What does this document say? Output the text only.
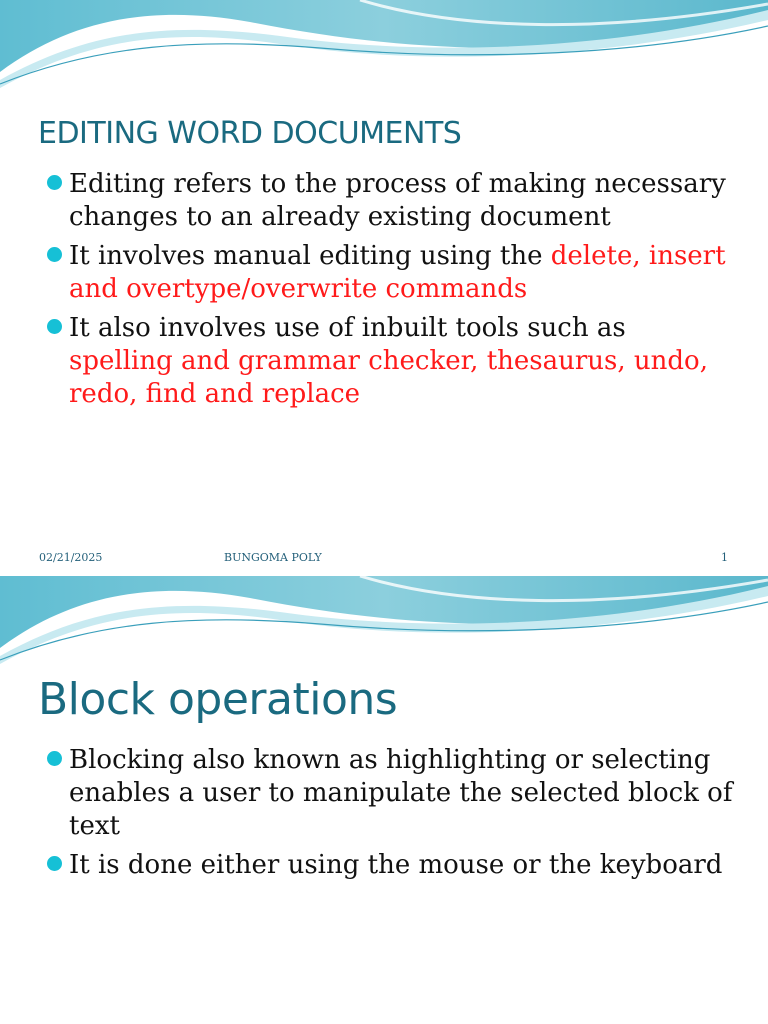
EDITING WORD DOCUMENTS
Editing refers to the process of making necessary changes to an already existing document
It involves manual editing using the delete, insert and overtype/overwrite commands
It also involves use of inbuilt tools such as spelling and grammar checker, thesaurus, undo, redo, find and replace
02/21/2025	BUNGOMA POLY	1
Block operations
Blocking also known as highlighting or selecting enables a user to manipulate the selected block of text
It is done either using the mouse or the keyboard
